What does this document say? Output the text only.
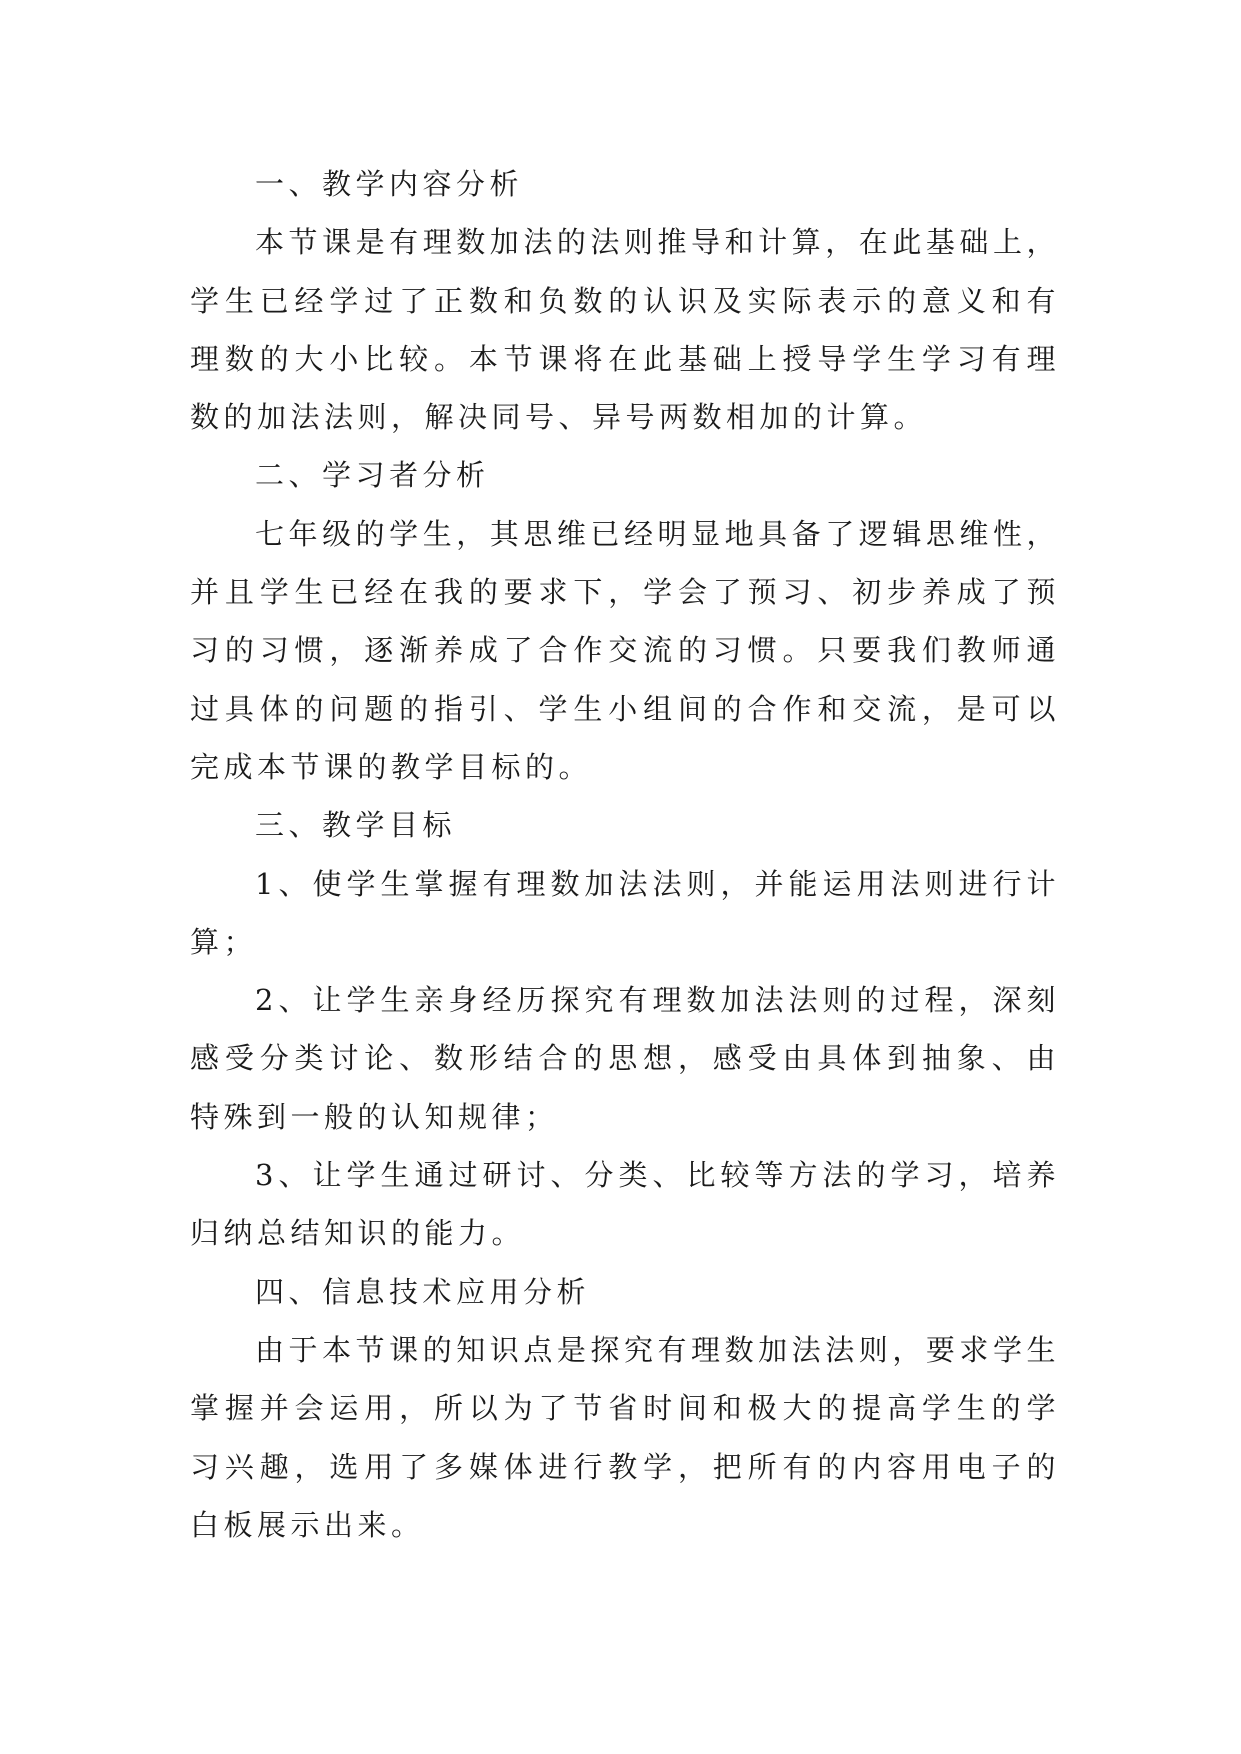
一、教学内容分析

本节课是有理数加法的法则推导和计算，在此基础上，学生已经学过了正数和负数的认识及实际表示的意义和有理数的大小比较。本节课将在此基础上授导学生学习有理数的加法法则，解决同号、异号两数相加的计算。

二、学习者分析

七年级的学生，其思维已经明显地具备了逻辑思维性，并且学生已经在我的要求下，学会了预习、初步养成了预习的习惯，逐渐养成了合作交流的习惯。只要我们教师通过具体的问题的指引、学生小组间的合作和交流，是可以完成本节课的教学目标的。

三、教学目标

1、使学生掌握有理数加法法则，并能运用法则进行计算；

2、让学生亲身经历探究有理数加法法则的过程，深刻感受分类讨论、数形结合的思想，感受由具体到抽象、由特殊到一般的认知规律；

3、让学生通过研讨、分类、比较等方法的学习，培养归纳总结知识的能力。

四、信息技术应用分析

由于本节课的知识点是探究有理数加法法则，要求学生掌握并会运用，所以为了节省时间和极大的提高学生的学习兴趣，选用了多媒体进行教学，把所有的内容用电子的白板展示出来。
